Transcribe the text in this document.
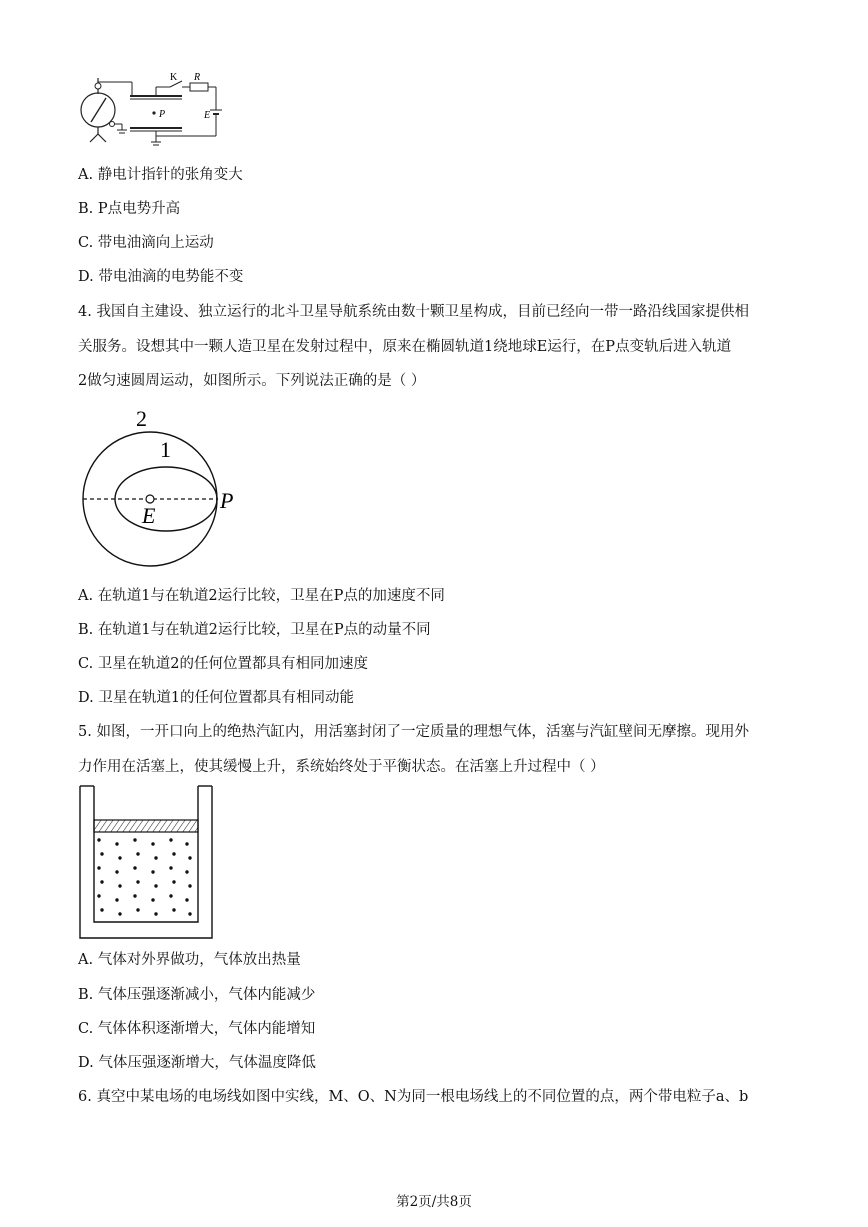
P
K R
E
A. 静电计指针的张角变大
B. P点电势升高
C. 带电油滴向上运动
D. 带电油滴的电势能不变
4. 我国自主建设、独立运行的北斗卫星导航系统由数十颗卫星构成，目前已经向一带一路沿线国家提供相
关服务。设想其中一颗人造卫星在发射过程中，原来在椭圆轨道1绕地球E运行，在P点变轨后进入轨道
2做匀速圆周运动，如图所示。下列说法正确的是（ ）
2
1
E
P
A. 在轨道1与在轨道2运行比较，卫星在P点的加速度不同
B. 在轨道1与在轨道2运行比较，卫星在P点的动量不同
C. 卫星在轨道2的任何位置都具有相同加速度
D. 卫星在轨道1的任何位置都具有相同动能
5. 如图，一开口向上的绝热汽缸内，用活塞封闭了一定质量的理想气体，活塞与汽缸壁间无摩擦。现用外
力作用在活塞上，使其缓慢上升，系统始终处于平衡状态。在活塞上升过程中（ ）
A. 气体对外界做功，气体放出热量
B. 气体压强逐渐减小，气体内能减少
C. 气体体积逐渐增大，气体内能增知
D. 气体压强逐渐增大，气体温度降低
6. 真空中某电场的电场线如图中实线，M、O、N为同一根电场线上的不同位置的点，两个带电粒子a、b
第2页/共8页
